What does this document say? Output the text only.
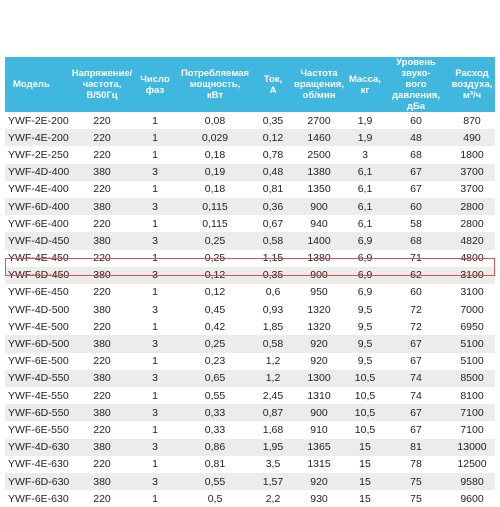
Модель	Напряжение/
частота,
В/50Гц	Число
фаз	Потребляемая
мощность,
кВт	Ток,
А	Частота
вращения,
об/мин	Масса,
кг	Уровень звуко-
вого давления,
дБа	Расход
воздуха,
м³/ч
YWF-2E-200	220	1	0,08	0,35	2700	1,9	60	870
YWF-4E-200	220	1	0,029	0,12	1460	1,9	48	490
YWF-2E-250	220	1	0,18	0,78	2500	3	68	1800
YWF-4D-400	380	3	0,19	0,48	1380	6,1	67	3700
YWF-4E-400	220	1	0,18	0,81	1350	6,1	67	3700
YWF-6D-400	380	3	0,115	0,36	900	6,1	60	2800
YWF-6E-400	220	1	0,115	0,67	940	6,1	58	2800
YWF-4D-450	380	3	0,25	0,58	1400	6,9	68	4820
YWF-4E-450	220	1	0,25	1,15	1380	6,9	71	4800
YWF-6D-450	380	3	0,12	0,35	900	6,9	62	3100
YWF-6E-450	220	1	0,12	0,6	950	6,9	60	3100
YWF-4D-500	380	3	0,45	0,93	1320	9,5	72	7000
YWF-4E-500	220	1	0,42	1,85	1320	9,5	72	6950
YWF-6D-500	380	3	0,25	0,58	920	9,5	67	5100
YWF-6E-500	220	1	0,23	1,2	920	9,5	67	5100
YWF-4D-550	380	3	0,65	1,2	1300	10,5	74	8500
YWF-4E-550	220	1	0,55	2,45	1310	10,5	74	8100
YWF-6D-550	380	3	0,33	0,87	900	10,5	67	7100
YWF-6E-550	220	1	0,33	1,68	910	10,5	67	7100
YWF-4D-630	380	3	0,86	1,95	1365	15	81	13000
YWF-4E-630	220	1	0,81	3,5	1315	15	78	12500
YWF-6D-630	380	3	0,55	1,57	920	15	75	9580
YWF-6E-630	220	1	0,5	2,2	930	15	75	9600
